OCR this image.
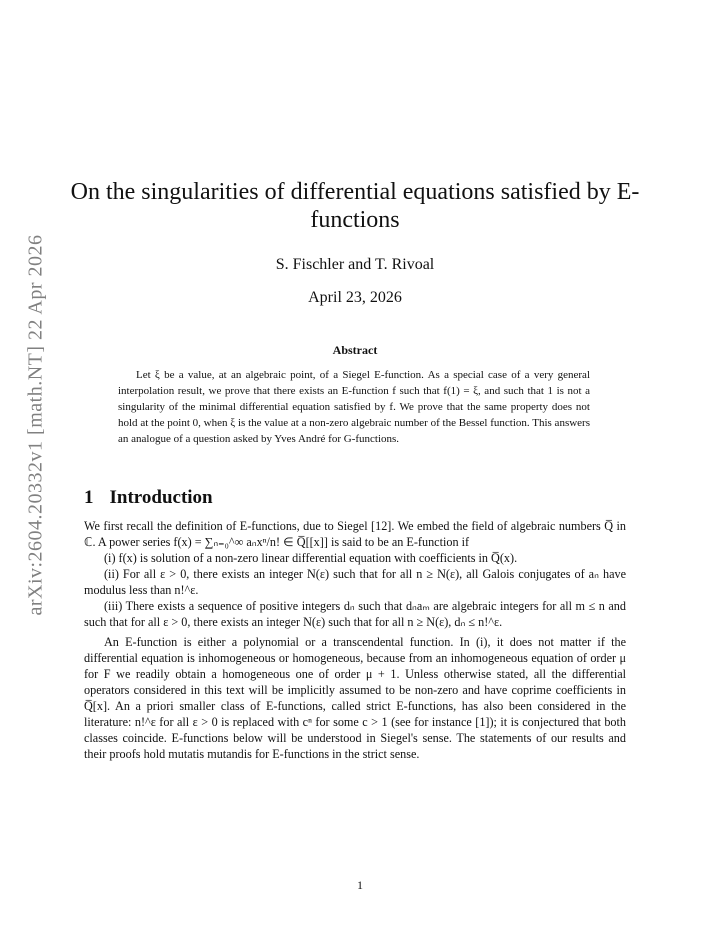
arXiv:2604.20332v1 [math.NT] 22 Apr 2026
On the singularities of differential equations satisfied by E-functions
S. Fischler and T. Rivoal
April 23, 2026
Abstract
Let ξ be a value, at an algebraic point, of a Siegel E-function. As a special case of a very general interpolation result, we prove that there exists an E-function f such that f(1) = ξ, and such that 1 is not a singularity of the minimal differential equation satisfied by f. We prove that the same property does not hold at the point 0, when ξ is the value at a non-zero algebraic number of the Bessel function. This answers an analogue of a question asked by Yves André for G-functions.
1 Introduction

We first recall the definition of E-functions, due to Siegel [12]. We embed the field of algebraic numbers Q̅ in ℂ. A power series f(x) = ∑ₙ₌₀^∞ aₙxⁿ/n! ∈ Q̅[[x]] is said to be an E-function if

(i) f(x) is solution of a non-zero linear differential equation with coefficients in Q̅(x).

(ii) For all ε > 0, there exists an integer N(ε) such that for all n ≥ N(ε), all Galois conjugates of aₙ have modulus less than n!^ε.

(iii) There exists a sequence of positive integers dₙ such that dₙaₘ are algebraic integers for all m ≤ n and such that for all ε > 0, there exists an integer N(ε) such that for all n ≥ N(ε), dₙ ≤ n!^ε.

An E-function is either a polynomial or a transcendental function. In (i), it does not matter if the differential equation is inhomogeneous or homogeneous, because from an inhomogeneous equation of order μ for F we readily obtain a homogeneous one of order μ + 1. Unless otherwise stated, all the differential operators considered in this text will be implicitly assumed to be non-zero and have coprime coefficients in Q̅[x]. An a priori smaller class of E-functions, called strict E-functions, has also been considered in the literature: n!^ε for all ε > 0 is replaced with cⁿ for some c > 1 (see for instance [1]); it is conjectured that both classes coincide. E-functions below will be understood in Siegel's sense. The statements of our results and their proofs hold mutatis mutandis for E-functions in the strict sense.

1
